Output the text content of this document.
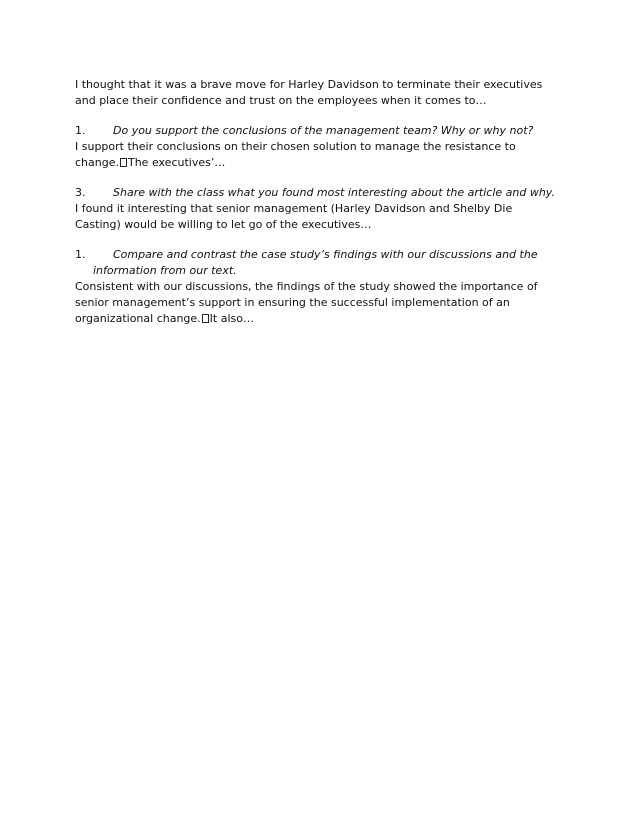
I thought that it was a brave move for Harley Davidson to terminate their executives

and place their confidence and trust on the employees when it comes to…

1.	Do you support the conclusions of the management team? Why or why not?

I support their conclusions on their chosen solution to manage the resistance to

change. The executives’…

3.	Share with the class what you found most interesting about the article and why.

I found it interesting that senior management (Harley Davidson and Shelby Die

Casting) would be willing to let go of the executives…

1.	Compare and contrast the case study’s findings with our discussions and the

information from our text.

Consistent with our discussions, the findings of the study showed the importance of

senior management’s support in ensuring the successful implementation of an

organizational change. It also…
